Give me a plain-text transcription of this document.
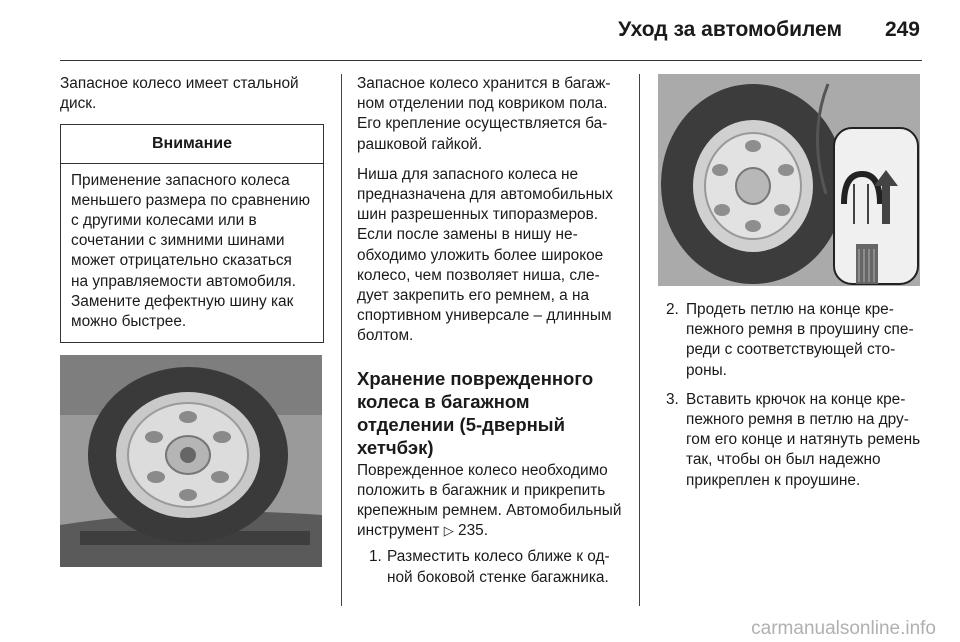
Уход за автомобилем 249

Запасное колесо имеет стальной диск.

Внимание
Применение запасного колеса меньшего размера по сравнению с другими колесами или в сочетании с зимними шинами может отрицательно сказаться на управляемости автомобиля. Замените дефектную шину как можно быстрее.

Запасное колесо хранится в багажном отделении под ковриком пола. Его крепление осуществляется барашковой гайкой.

Ниша для запасного колеса не предназначена для автомобильных шин разрешенных типоразмеров. Если после замены в нишу необходимо уложить более широкое колесо, чем позволяет ниша, следует закрепить его ремнем, а на спортивном универсале – длинным болтом.

Хранение поврежденного колеса в багажном отделении (5-дверный хетчбэк)

Поврежденное колесо необходимо положить в багажник и прикрепить крепежным ремнем. Автомобильный инструмент ▷ 235.

1. Разместить колесо ближе к одной боковой стенке багажника.
2. Продеть петлю на конце крепежного ремня в проушину спереди с соответствующей стороны.
3. Вставить крючок на конце крепежного ремня в петлю на другом его конце и натянуть ремень так, чтобы он был надежно прикреплен к проушине.
carmanualsonline.info
